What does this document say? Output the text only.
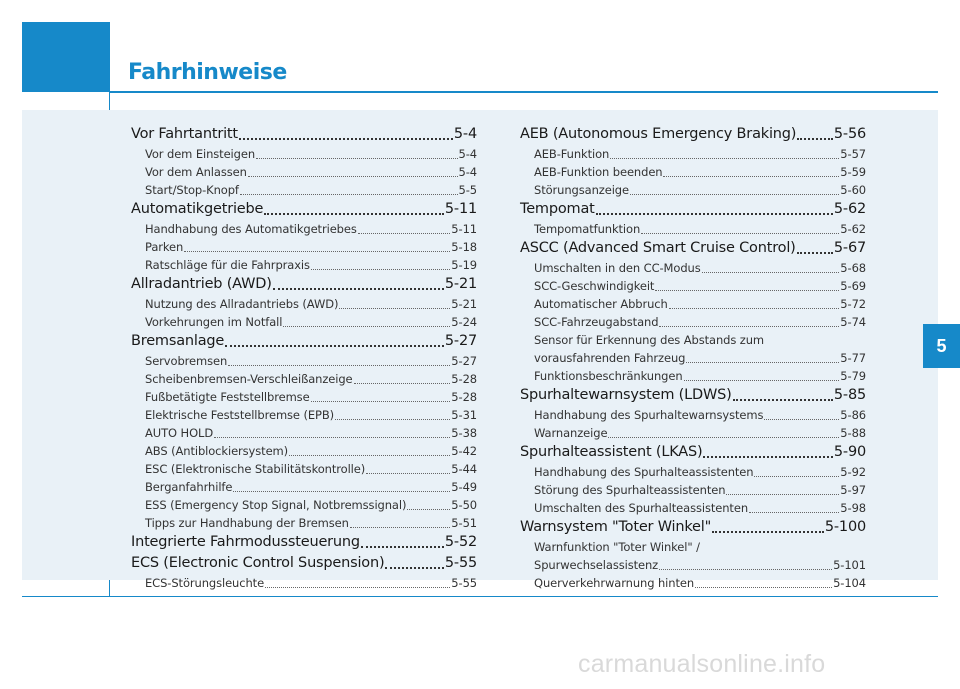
Fahrhinweise
Vor Fahrtantritt	5-4
Vor dem Einsteigen	5-4
Vor dem Anlassen	5-4
Start/Stop-Knopf	5-5
Automatikgetriebe	5-11
Handhabung des Automatikgetriebes	5-11
Parken	5-18
Ratschläge für die Fahrpraxis	5-19
Allradantrieb (AWD)	5-21
Nutzung des Allradantriebs (AWD)	5-21
Vorkehrungen im Notfall	5-24
Bremsanlage	5-27
Servobremsen	5-27
Scheibenbremsen-Verschleißanzeige	5-28
Fußbetätigte Feststellbremse	5-28
Elektrische Feststellbremse (EPB)	5-31
AUTO HOLD	5-38
ABS (Antiblockiersystem)	5-42
ESC (Elektronische Stabilitätskontrolle)	5-44
Berganfahrhilfe	5-49
ESS (Emergency Stop Signal, Notbremssignal)	5-50
Tipps zur Handhabung der Bremsen	5-51
Integrierte Fahrmodussteuerung	5-52
ECS (Electronic Control Suspension)	5-55
ECS-Störungsleuchte	5-55
AEB (Autonomous Emergency Braking)	5-56
AEB-Funktion	5-57
AEB-Funktion beenden	5-59
Störungsanzeige	5-60
Tempomat	5-62
Tempomatfunktion	5-62
ASCC (Advanced Smart Cruise Control)	5-67
Umschalten in den CC-Modus	5-68
SCC-Geschwindigkeit	5-69
Automatischer Abbruch	5-72
SCC-Fahrzeugabstand	5-74
Sensor für Erkennung des Abstands zum
vorausfahrenden Fahrzeug	5-77
Funktionsbeschränkungen	5-79
Spurhaltewarnsystem (LDWS)	5-85
Handhabung des Spurhaltewarnsystems	5-86
Warnanzeige	5-88
Spurhalteassistent (LKAS)	5-90
Handhabung des Spurhalteassistenten	5-92
Störung des Spurhalteassistenten	5-97
Umschalten des Spurhalteassistenten	5-98
Warnsystem "Toter Winkel"	5-100
Warnfunktion "Toter Winkel" /
Spurwechselassistenz	5-101
Querverkehrwarnung hinten	5-104
5
carmanualsonline.info
